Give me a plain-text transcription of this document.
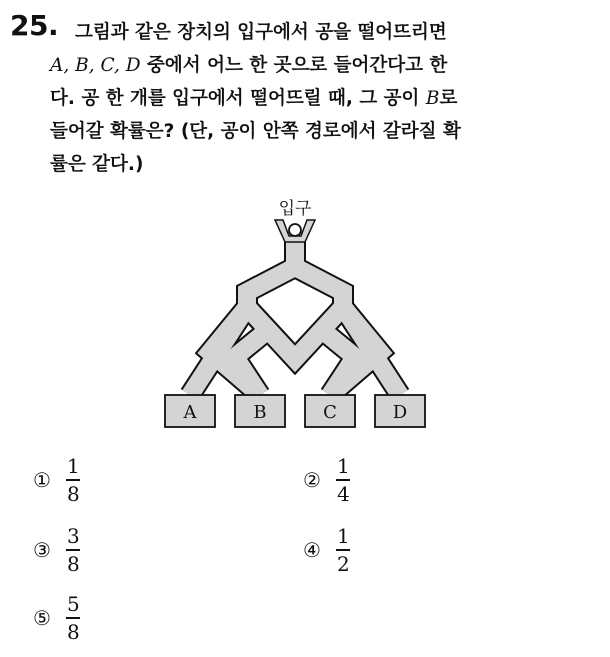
25. 그림과 같은 장치의 입구에서 공을 떨어뜨리면
A, B, C, D 중에서 어느 한 곳으로 들어간다고 한
다. 공 한 개를 입구에서 떨어뜨릴 때, 그 공이 B로
들어갈 확률은? (단, 공이 안쪽 경로에서 갈라질 확
률은 같다.)
입구
A	B	C	D
① $\frac{1}{8}$	② $\frac{1}{4}$
③ $\frac{3}{8}$	④ $\frac{1}{2}$
⑤ $\frac{5}{8}$
